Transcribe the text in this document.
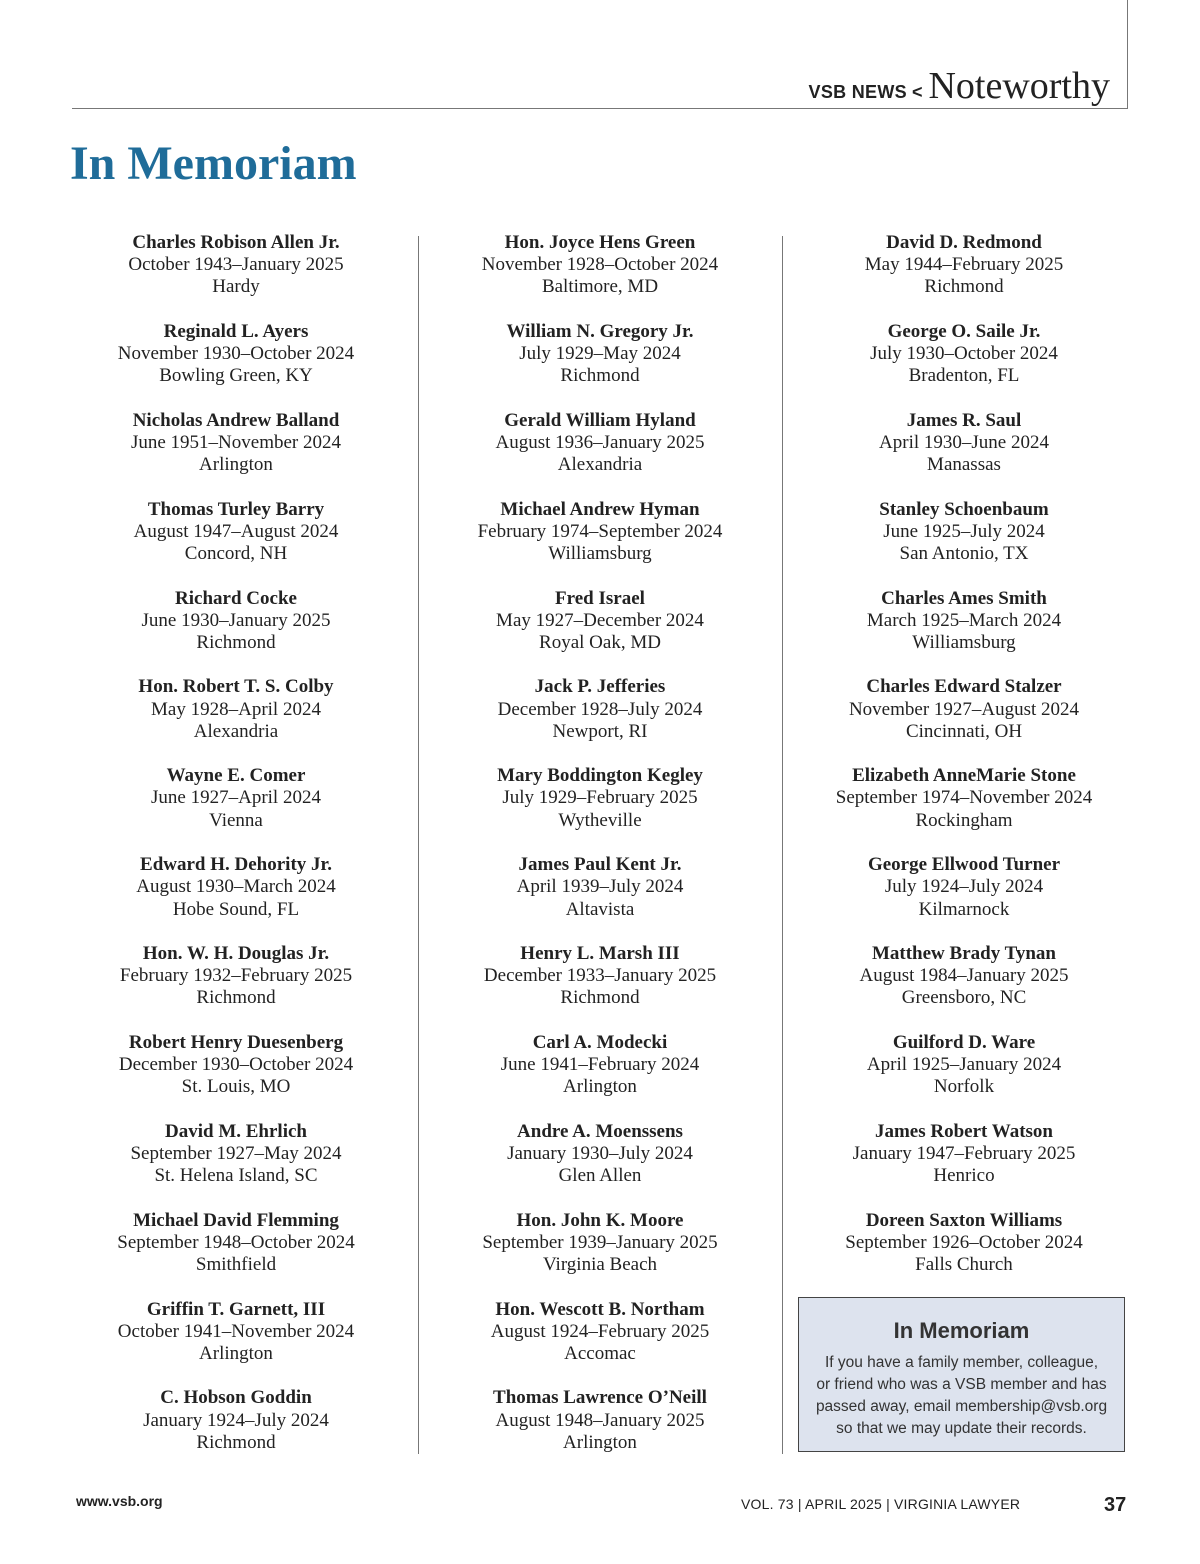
VSB NEWS < Noteworthy
In Memoriam
Charles Robison Allen Jr.
October 1943–January 2025
Hardy
Reginald L. Ayers
November 1930–October 2024
Bowling Green, KY
Nicholas Andrew Balland
June 1951–November 2024
Arlington
Thomas Turley Barry
August 1947–August 2024
Concord, NH
Richard Cocke
June 1930–January 2025
Richmond
Hon. Robert T. S. Colby
May 1928–April 2024
Alexandria
Wayne E. Comer
June 1927–April 2024
Vienna
Edward H. Dehority Jr.
August 1930–March 2024
Hobe Sound, FL
Hon. W. H. Douglas Jr.
February 1932–February 2025
Richmond
Robert Henry Duesenberg
December 1930–October 2024
St. Louis, MO
David M. Ehrlich
September 1927–May 2024
St. Helena Island, SC
Michael David Flemming
September 1948–October 2024
Smithfield
Griffin T. Garnett, III
October 1941–November 2024
Arlington
C. Hobson Goddin
January 1924–July 2024
Richmond
Hon. Joyce Hens Green
November 1928–October 2024
Baltimore, MD
William N. Gregory Jr.
July 1929–May 2024
Richmond
Gerald William Hyland
August 1936–January 2025
Alexandria
Michael Andrew Hyman
February 1974–September 2024
Williamsburg
Fred Israel
May 1927–December 2024
Royal Oak, MD
Jack P. Jefferies
December 1928–July 2024
Newport, RI
Mary Boddington Kegley
July 1929–February 2025
Wytheville
James Paul Kent Jr.
April 1939–July 2024
Altavista
Henry L. Marsh III
December 1933–January 2025
Richmond
Carl A. Modecki
June 1941–February 2024
Arlington
Andre A. Moenssens
January 1930–July 2024
Glen Allen
Hon. John K. Moore
September 1939–January 2025
Virginia Beach
Hon. Wescott B. Northam
August 1924–February 2025
Accomac
Thomas Lawrence O’Neill
August 1948–January 2025
Arlington
David D. Redmond
May 1944–February 2025
Richmond
George O. Saile Jr.
July 1930–October 2024
Bradenton, FL
James R. Saul
April 1930–June 2024
Manassas
Stanley Schoenbaum
June 1925–July 2024
San Antonio, TX
Charles Ames Smith
March 1925–March 2024
Williamsburg
Charles Edward Stalzer
November 1927–August 2024
Cincinnati, OH
Elizabeth AnneMarie Stone
September 1974–November 2024
Rockingham
George Ellwood Turner
July 1924–July 2024
Kilmarnock
Matthew Brady Tynan
August 1984–January 2025
Greensboro, NC
Guilford D. Ware
April 1925–January 2024
Norfolk
James Robert Watson
January 1947–February 2025
Henrico
Doreen Saxton Williams
September 1926–October 2024
Falls Church
In Memoriam
If you have a family member, colleague,
or friend who was a VSB member and has
passed away, email membership@vsb.org
so that we may update their records.
www.vsb.org	VOL. 73 | APRIL 2025 | VIRGINIA LAWYER	37
